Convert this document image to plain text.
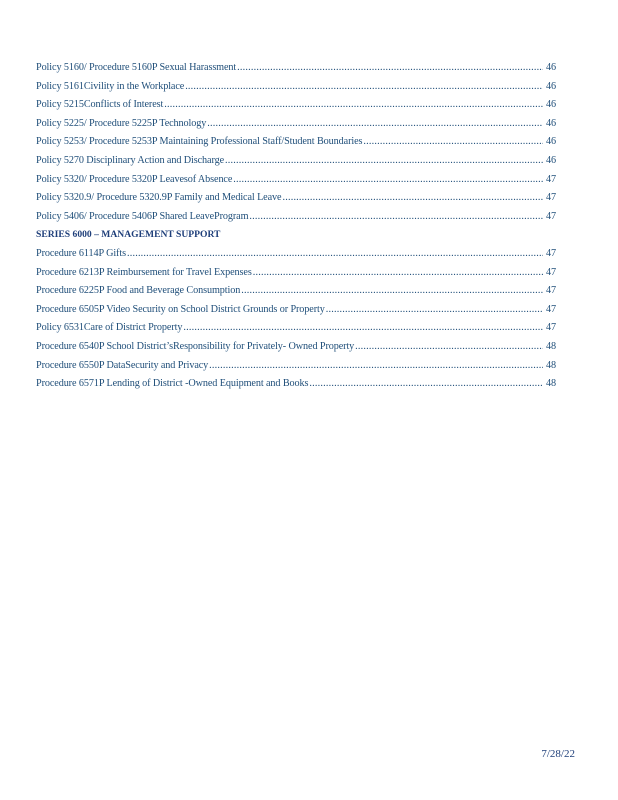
Policy 5160/ Procedure 5160P Sexual Harassment .....	46
Policy 5161Civility in the Workplace .....	46
Policy 5215Conflicts of Interest .....	46
Policy 5225/ Procedure 5225P Technology .....	46
Policy 5253/ Procedure 5253P Maintaining Professional Staff/Student Boundaries .....	46
Policy 5270 Disciplinary Action and Discharge .....	46
Policy 5320/ Procedure 5320P Leavesof Absence .....	47
Policy 5320.9/ Procedure 5320.9P Family and Medical Leave .....	47
Policy 5406/ Procedure 5406P Shared LeaveProgram .....	47
SERIES 6000 – MANAGEMENT SUPPORT
Procedure 6114P Gifts .....	47
Procedure 6213P Reimbursement for Travel Expenses .....	47
Procedure 6225P Food and Beverage Consumption .....	47
Procedure 6505P Video Security on School District Grounds or Property .....	47
Policy 6531Care of District Property .....	47
Procedure 6540P School District’sResponsibility for Privately- Owned Property .....	48
Procedure 6550P DataSecurity and Privacy .....	48
Procedure 6571P Lending of District -Owned Equipment and Books .....	48
7/28/22
